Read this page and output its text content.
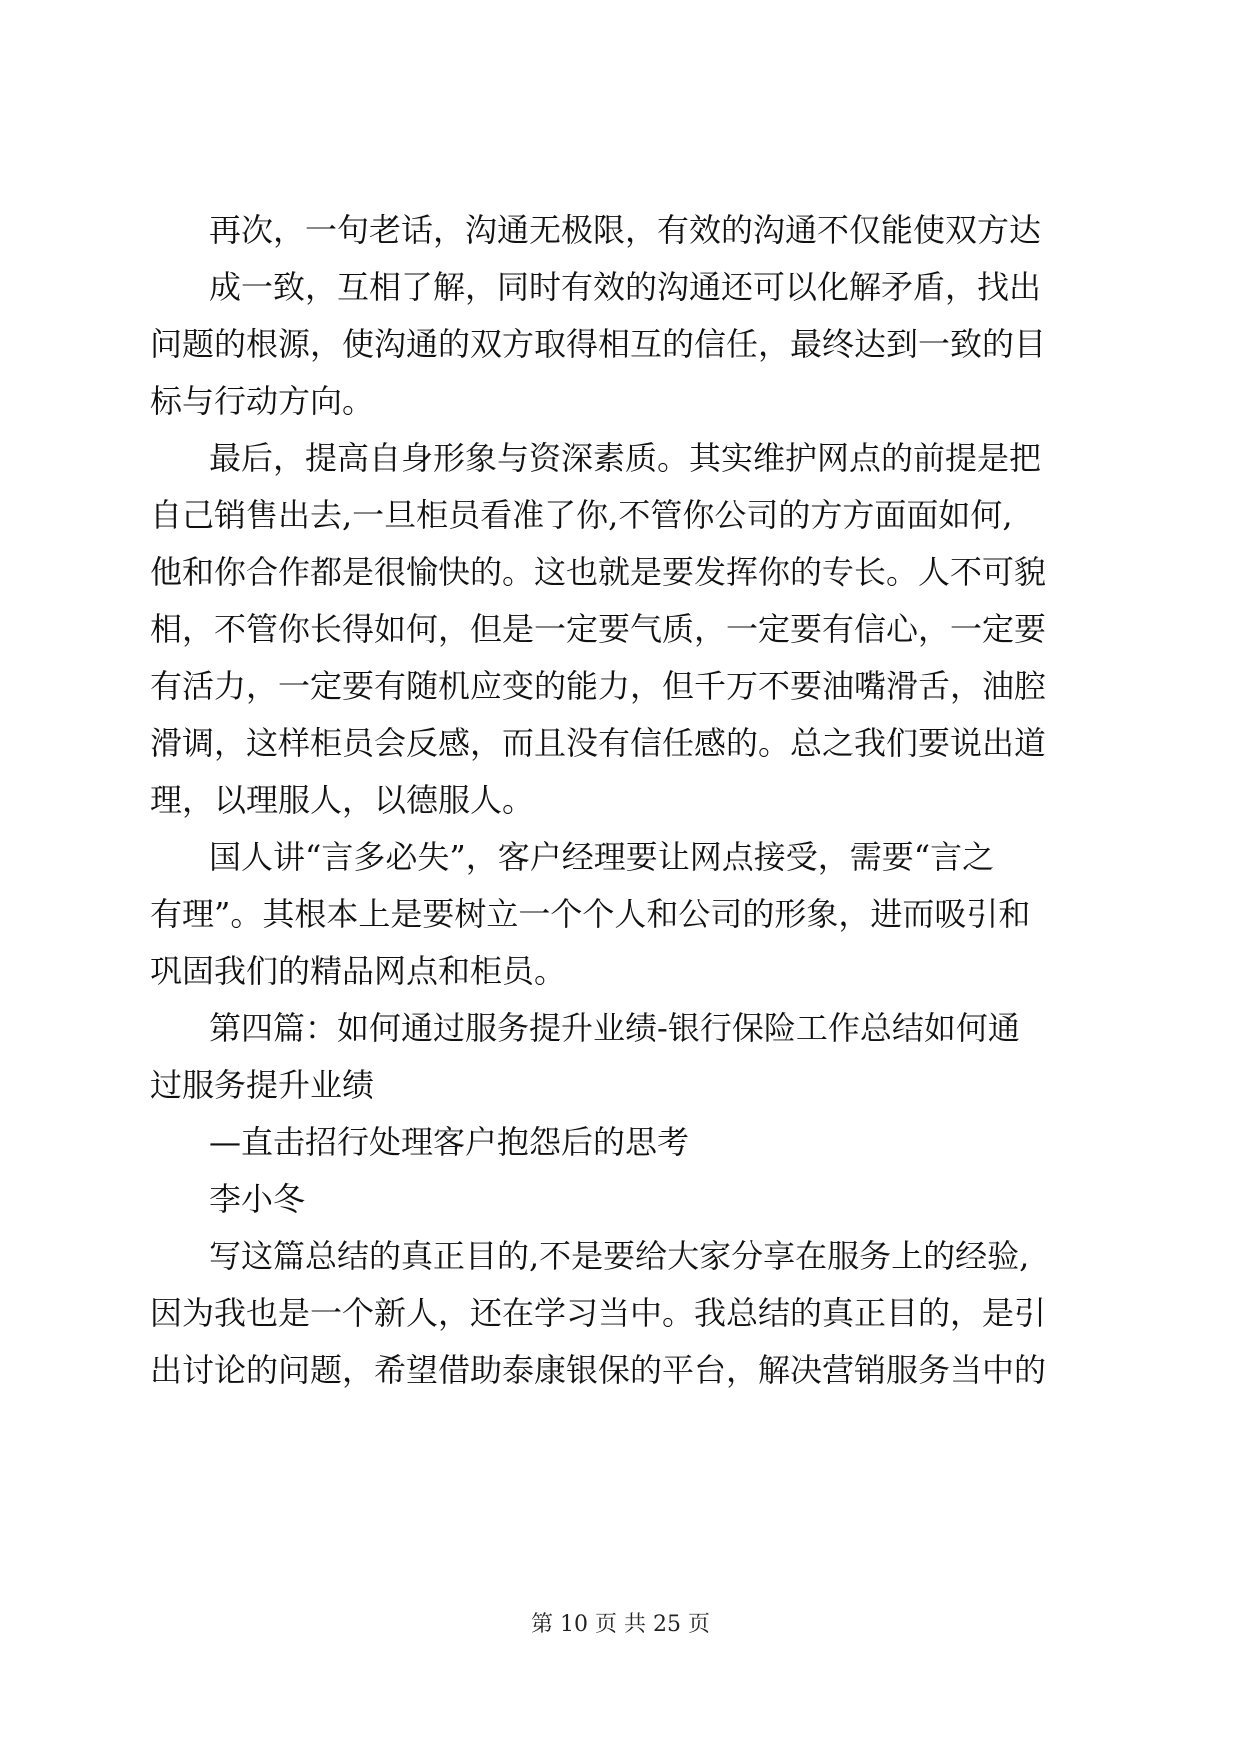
再次，一句老话，沟通无极限，有效的沟通不仅能使双方达
成一致，互相了解，同时有效的沟通还可以化解矛盾，找出
问题的根源，使沟通的双方取得相互的信任，最终达到一致的目
标与行动方向。
最后，提高自身形象与资深素质。其实维护网点的前提是把
自己销售出去,一旦柜员看准了你,不管你公司的方方面面如何,
他和你合作都是很愉快的。这也就是要发挥你的专长。人不可貌
相，不管你长得如何，但是一定要气质，一定要有信心，一定要
有活力，一定要有随机应变的能力，但千万不要油嘴滑舌，油腔
滑调，这样柜员会反感，而且没有信任感的。总之我们要说出道
理，以理服人，以德服人。
国人讲“言多必失”，客户经理要让网点接受，需要“言之
有理”。其根本上是要树立一个个人和公司的形象，进而吸引和
巩固我们的精品网点和柜员。
第四篇：如何通过服务提升业绩-银行保险工作总结如何通
过服务提升业绩
—直击招行处理客户抱怨后的思考
李小冬
写这篇总结的真正目的,不是要给大家分享在服务上的经验,
因为我也是一个新人，还在学习当中。我总结的真正目的，是引
出讨论的问题，希望借助泰康银保的平台，解决营销服务当中的
第 10 页 共 25 页
